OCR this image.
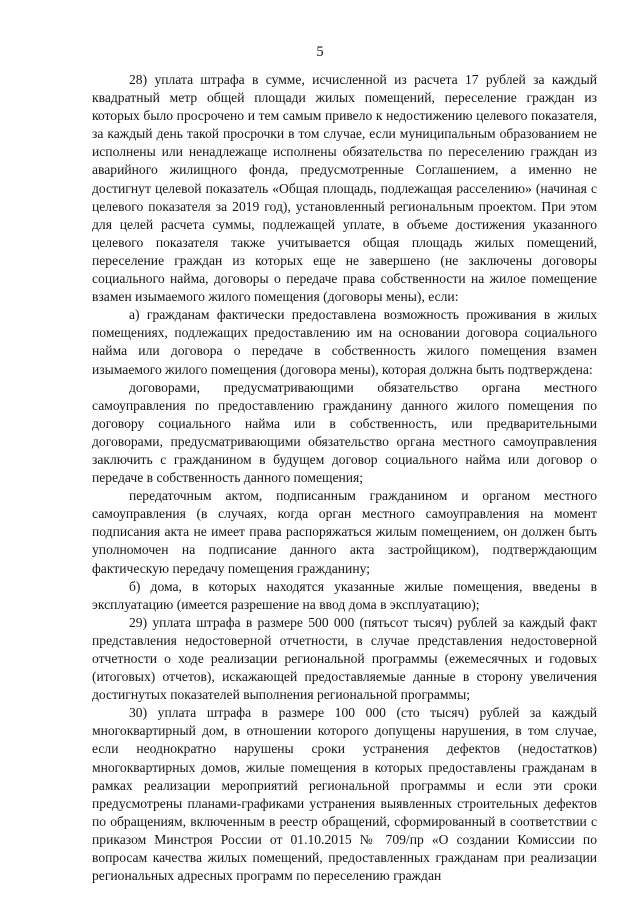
5

28) уплата штрафа в сумме, исчисленной из расчета 17 рублей за каждый квадратный метр общей площади жилых помещений, переселение граждан из которых было просрочено и тем самым привело к недостижению целевого показателя, за каждый день такой просрочки в том случае, если муниципальным образованием не исполнены или ненадлежаще исполнены обязательства по переселению граждан из аварийного жилищного фонда, предусмотренные Соглашением, а именно не достигнут целевой показатель «Общая площадь, подлежащая расселению» (начиная с целевого показателя за 2019 год), установленный региональным проектом. При этом для целей расчета суммы, подлежащей уплате, в объеме достижения указанного целевого показателя также учитывается общая площадь жилых помещений, переселение граждан из которых еще не завершено (не заключены договоры социального найма, договоры о передаче права собственности на жилое помещение взамен изымаемого жилого помещения (договоры мены), если:

а) гражданам фактически предоставлена возможность проживания в жилых помещениях, подлежащих предоставлению им на основании договора социального найма или договора о передаче в собственность жилого помещения взамен изымаемого жилого помещения (договора мены), которая должна быть подтверждена:

договорами, предусматривающими обязательство органа местного самоуправления по предоставлению гражданину данного жилого помещения по договору социального найма или в собственность, или предварительными договорами, предусматривающими обязательство органа местного самоуправления заключить с гражданином в будущем договор социального найма или договор о передаче в собственность данного помещения;

передаточным актом, подписанным гражданином и органом местного самоуправления (в случаях, когда орган местного самоуправления на момент подписания акта не имеет права распоряжаться жилым помещением, он должен быть уполномочен на подписание данного акта застройщиком), подтверждающим фактическую передачу помещения гражданину;

б) дома, в которых находятся указанные жилые помещения, введены в эксплуатацию (имеется разрешение на ввод дома в эксплуатацию);

29) уплата штрафа в размере 500 000 (пятьсот тысяч) рублей за каждый факт представления недостоверной отчетности, в случае представления недостоверной отчетности о ходе реализации региональной программы (ежемесячных и годовых (итоговых) отчетов), искажающей предоставляемые данные в сторону увеличения достигнутых показателей выполнения региональной программы;

30) уплата штрафа в размере 100 000 (сто тысяч) рублей за каждый многоквартирный дом, в отношении которого допущены нарушения, в том случае, если неоднократно нарушены сроки устранения дефектов (недостатков) многоквартирных домов, жилые помещения в которых предоставлены гражданам в рамках реализации мероприятий региональной программы и если эти сроки предусмотрены планами-графиками устранения выявленных строительных дефектов по обращениям, включенным в реестр обращений, сформированный в соответствии с приказом Минстроя России от 01.10.2015 № 709/пр «О создании Комиссии по вопросам качества жилых помещений, предоставленных гражданам при реализации региональных адресных программ по переселению граждан
